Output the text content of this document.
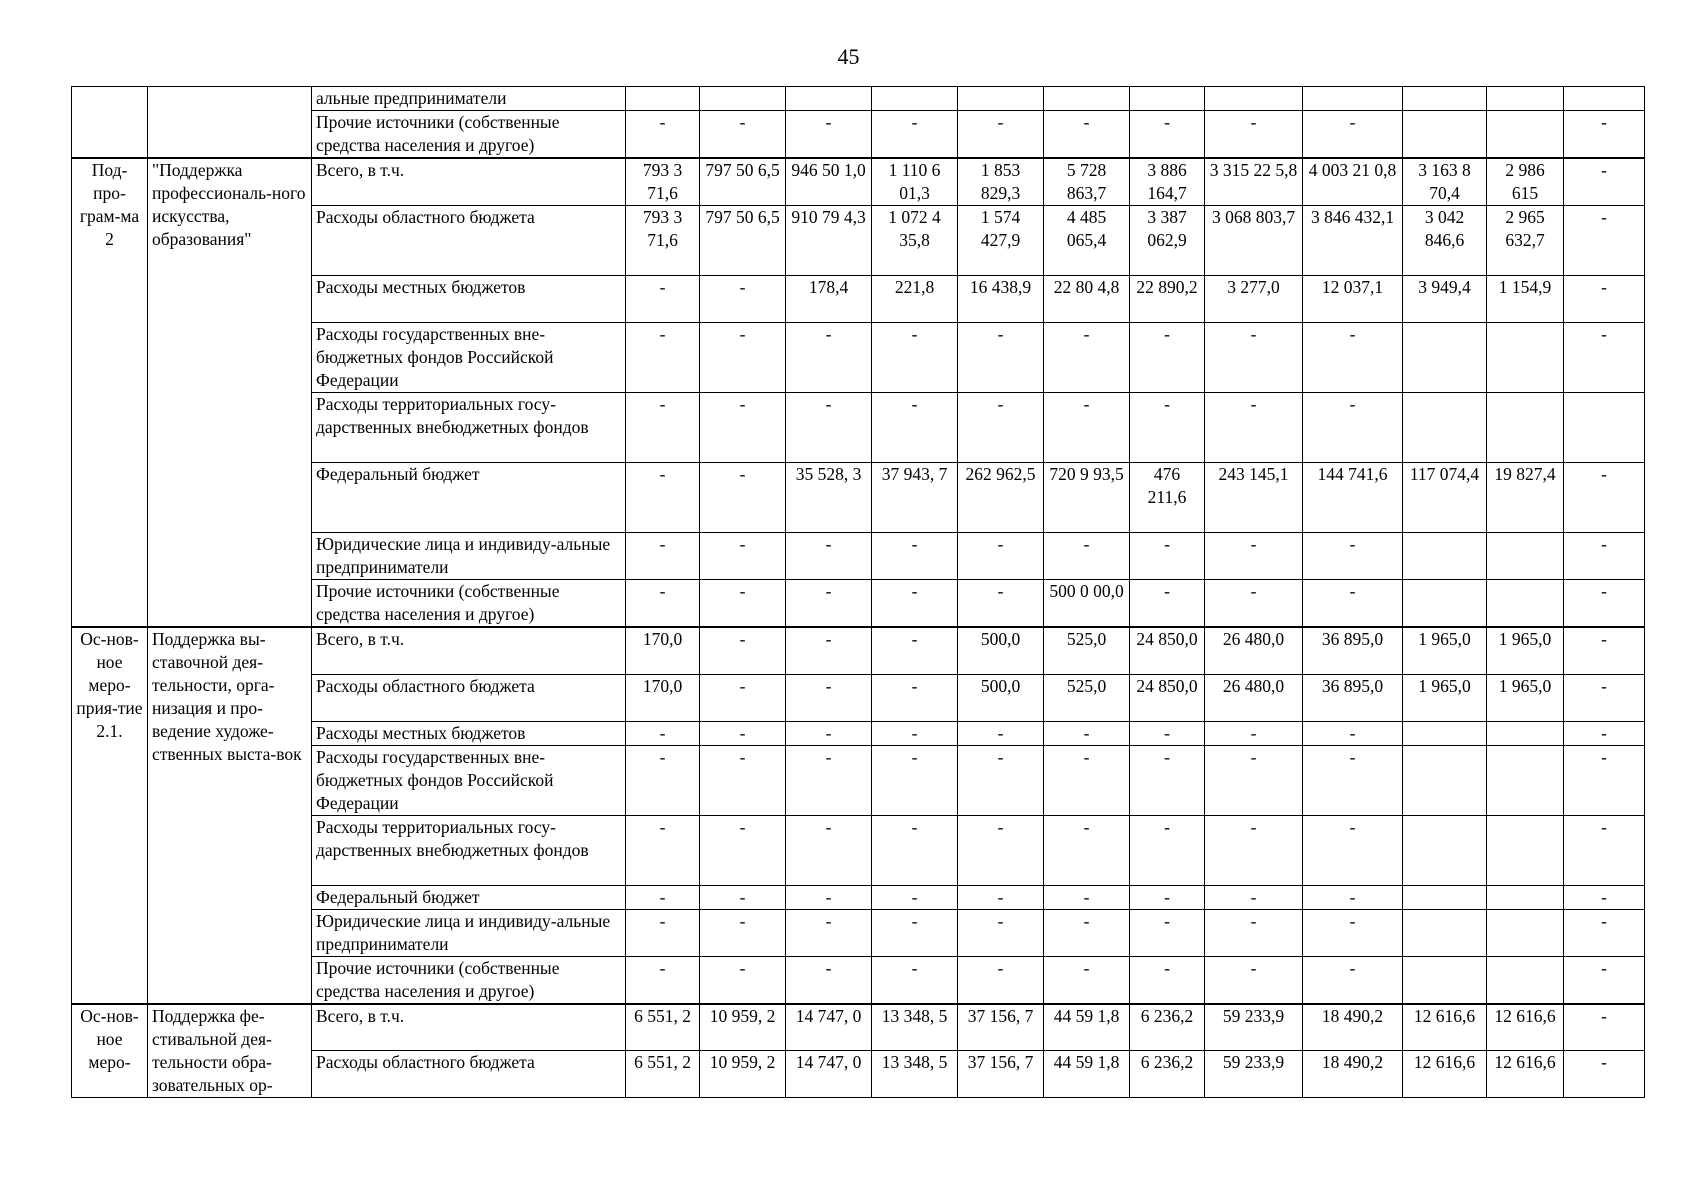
45
		альные предприниматели												
		Прочие источники (собственные средства населения и другое)	-	-	-	-	-	-	-	-	-			-
Под-про-грам-ма 2	"Поддержка профессиональ-ного искусства, образования"	Всего, в т.ч.	793 3 71,6	797 50 6,5	946 50 1,0	1 110 6 01,3	1 853 829,3	5 728 863,7	3 886 164,7	3 315 22 5,8	4 003 21 0,8	3 163 8 70,4	2 986 615	-
		Расходы областного бюджета	793 3 71,6	797 50 6,5	910 79 4,3	1 072 4 35,8	1 574 427,9	4 485 065,4	3 387 062,9	3 068 803,7	3 846 432,1	3 042 846,6	2 965 632,7	-
		Расходы местных бюджетов	-	-	178,4	221,8	16 438,9	22 80 4,8	22 890,2	3 277,0	12 037,1	3 949,4	1 154,9	-
		Расходы государственных вне-бюджетных фондов Российской Федерации	-	-	-	-	-	-	-	-	-			-
		Расходы территориальных госу-дарственных внебюджетных фондов	-	-	-	-	-	-	-	-	-			
		Федеральный бюджет	-	-	35 528, 3	37 943, 7	262 962,5	720 9 93,5	476 211,6	243 145,1	144 741,6	117 074,4	19 827,4	-
		Юридические лица и индивиду-альные предприниматели	-	-	-	-	-	-	-	-	-			-
		Прочие источники (собственные средства населения и другое)	-	-	-	-	-	500 0 00,0	-	-	-			-
Ос-нов-ное меро-прия-тие 2.1.	Поддержка вы-ставочной дея-тельности, орга-низация и про-ведение художе-ственных выста-вок	Всего, в т.ч.	170,0	-	-	-	500,0	525,0	24 850,0	26 480,0	36 895,0	1 965,0	1 965,0	-
		Расходы областного бюджета	170,0	-	-	-	500,0	525,0	24 850,0	26 480,0	36 895,0	1 965,0	1 965,0	-
		Расходы местных бюджетов	-	-	-	-	-	-	-	-	-			-
		Расходы государственных вне-бюджетных фондов Российской Федерации	-	-	-	-	-	-	-	-	-			-
		Расходы территориальных госу-дарственных внебюджетных фондов	-	-	-	-	-	-	-	-	-			-
		Федеральный бюджет	-	-	-	-	-	-	-	-	-			-
		Юридические лица и индивиду-альные предприниматели	-	-	-	-	-	-	-	-	-			-
		Прочие источники (собственные средства населения и другое)	-	-	-	-	-	-	-	-	-			-
Ос-нов-ное меро-	Поддержка фе-стивальной дея-тельности обра-зовательных ор-	Всего, в т.ч.	6 551, 2	10 959, 2	14 747, 0	13 348, 5	37 156, 7	44 59 1,8	6 236,2	59 233,9	18 490,2	12 616,6	12 616,6	-
		Расходы областного бюджета	6 551, 2	10 959, 2	14 747, 0	13 348, 5	37 156, 7	44 59 1,8	6 236,2	59 233,9	18 490,2	12 616,6	12 616,6	-
